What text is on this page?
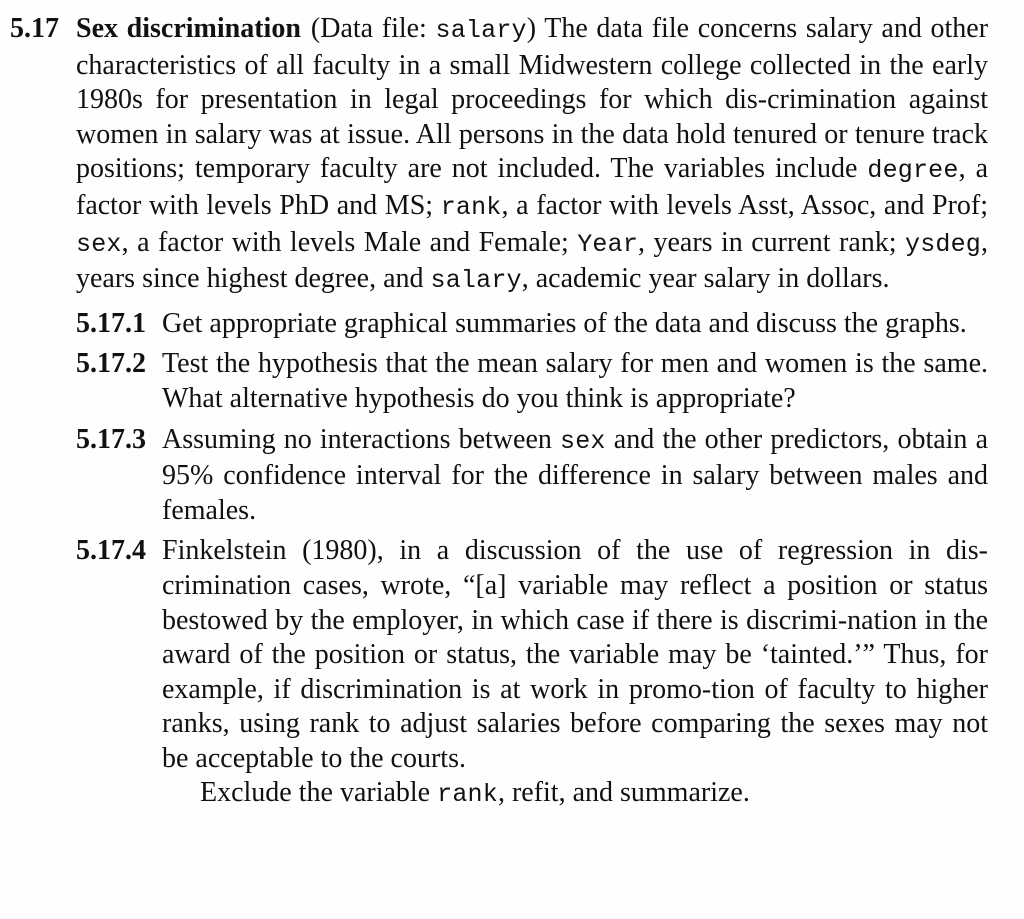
5.17 Sex discrimination (Data file: salary) The data file concerns salary and other characteristics of all faculty in a small Midwestern college collected in the early 1980s for presentation in legal proceedings for which dis-crimination against women in salary was at issue. All persons in the data hold tenured or tenure track positions; temporary faculty are not included. The variables include degree, a factor with levels PhD and MS; rank, a factor with levels Asst, Assoc, and Prof; sex, a factor with levels Male and Female; Year, years in current rank; ysdeg, years since highest degree, and salary, academic year salary in dollars.
5.17.1 Get appropriate graphical summaries of the data and discuss the graphs.
5.17.2 Test the hypothesis that the mean salary for men and women is the same. What alternative hypothesis do you think is appropriate?
5.17.3 Assuming no interactions between sex and the other predictors, obtain a 95% confidence interval for the difference in salary between males and females.
5.17.4 Finkelstein (1980), in a discussion of the use of regression in dis-crimination cases, wrote, “[a] variable may reflect a position or status bestowed by the employer, in which case if there is discrimi-nation in the award of the position or status, the variable may be ‘tainted.’” Thus, for example, if discrimination is at work in promo-tion of faculty to higher ranks, using rank to adjust salaries before comparing the sexes may not be acceptable to the courts.
Exclude the variable rank, refit, and summarize.
